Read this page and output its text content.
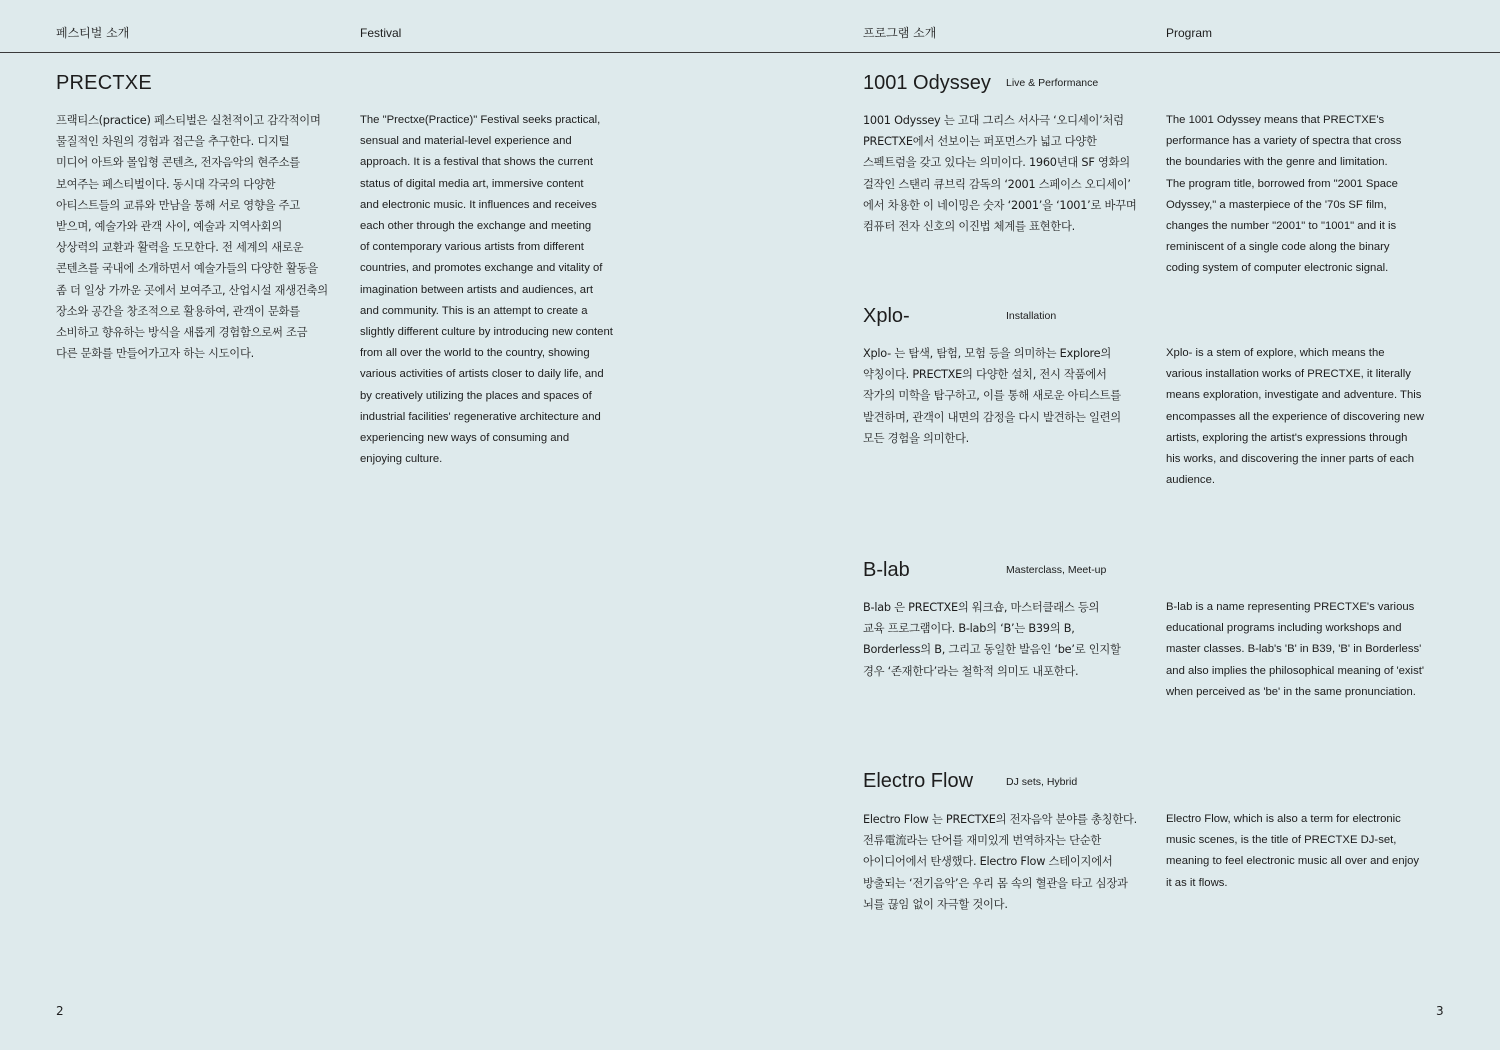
페스티벌 소개	Festival	프로그램 소개	Program
PRECTXE
프랙티스(practice) 페스티벌은 실천적이고 감각적이며
물질적인 차원의 경험과 접근을 추구한다. 디지털
미디어 아트와 몰입형 콘텐츠, 전자음악의 현주소를
보여주는 페스티벌이다. 동시대 각국의 다양한
아티스트들의 교류와 만남을 통해 서로 영향을 주고
받으며, 예술가와 관객 사이, 예술과 지역사회의
상상력의 교환과 활력을 도모한다. 전 세계의 새로운
콘텐츠를 국내에 소개하면서 예술가들의 다양한 활동을
좀 더 일상 가까운 곳에서 보여주고, 산업시설 재생건축의
장소와 공간을 창조적으로 활용하여, 관객이 문화를
소비하고 향유하는 방식을 새롭게 경험함으로써 조금
다른 문화를 만들어가고자 하는 시도이다.
The "Prectxe(Practice)" Festival seeks practical,
sensual and material-level experience and
approach. It is a festival that shows the current
status of digital media art, immersive content
and electronic music. It influences and receives
each other through the exchange and meeting
of contemporary various artists from different
countries, and promotes exchange and vitality of
imagination between artists and audiences, art
and community. This is an attempt to create a
slightly different culture by introducing new content
from all over the world to the country, showing
various activities of artists closer to daily life, and
by creatively utilizing the places and spaces of
industrial facilities' regenerative architecture and
experiencing new ways of consuming and
enjoying culture.
1001 Odyssey Live & Performance
1001 Odyssey 는 고대 그리스 서사극 ‘오디세이’처럼
PRECTXE에서 선보이는 퍼포먼스가 넓고 다양한
스펙트럼을 갖고 있다는 의미이다. 1960년대 SF 영화의
걸작인 스탠리 큐브릭 감독의 ‘2001 스페이스 오디세이’
에서 차용한 이 네이밍은 숫자 ‘2001’을 ‘1001’로 바꾸며
컴퓨터 전자 신호의 이진법 체계를 표현한다.
The 1001 Odyssey means that PRECTXE's
performance has a variety of spectra that cross
the boundaries with the genre and limitation.
The program title, borrowed from "2001 Space
Odyssey," a masterpiece of the '70s SF film,
changes the number "2001" to "1001" and it is
reminiscent of a single code along the binary
coding system of computer electronic signal.
Xplo-	Installation
Xplo- 는 탐색, 탐험, 모험 등을 의미하는 Explore의
약칭이다. PRECTXE의 다양한 설치, 전시 작품에서
작가의 미학을 탐구하고, 이를 통해 새로운 아티스트를
발견하며, 관객이 내면의 감정을 다시 발견하는 일련의
모든 경험을 의미한다.
Xplo- is a stem of explore, which means the
various installation works of PRECTXE, it literally
means exploration, investigate and adventure. This
encompasses all the experience of discovering new
artists, exploring the artist's expressions through
his works, and discovering the inner parts of each
audience.
B-lab	Masterclass, Meet-up
B-lab 은 PRECTXE의 워크숍, 마스터클래스 등의
교육 프로그램이다. B-lab의 ‘B’는 B39의 B,
Borderless의 B, 그리고 동일한 발음인 ‘be’로 인지할
경우 ‘존재한다’라는 철학적 의미도 내포한다.
B-lab is a name representing PRECTXE's various
educational programs including workshops and
master classes. B-lab's 'B' in B39, 'B' in Borderless'
and also implies the philosophical meaning of 'exist'
when perceived as 'be' in the same pronunciation.
Electro Flow	DJ sets, Hybrid
Electro Flow 는 PRECTXE의 전자음악 분야를 총칭한다.
전류電流라는 단어를 재미있게 번역하자는 단순한
아이디어에서 탄생했다. Electro Flow 스테이지에서
방출되는 ‘전기음악’은 우리 몸 속의 혈관을 타고 심장과
뇌를 끊임 없이 자극할 것이다.
Electro Flow, which is also a term for electronic
music scenes, is the title of PRECTXE DJ-set,
meaning to feel electronic music all over and enjoy
it as it flows.
2	3
